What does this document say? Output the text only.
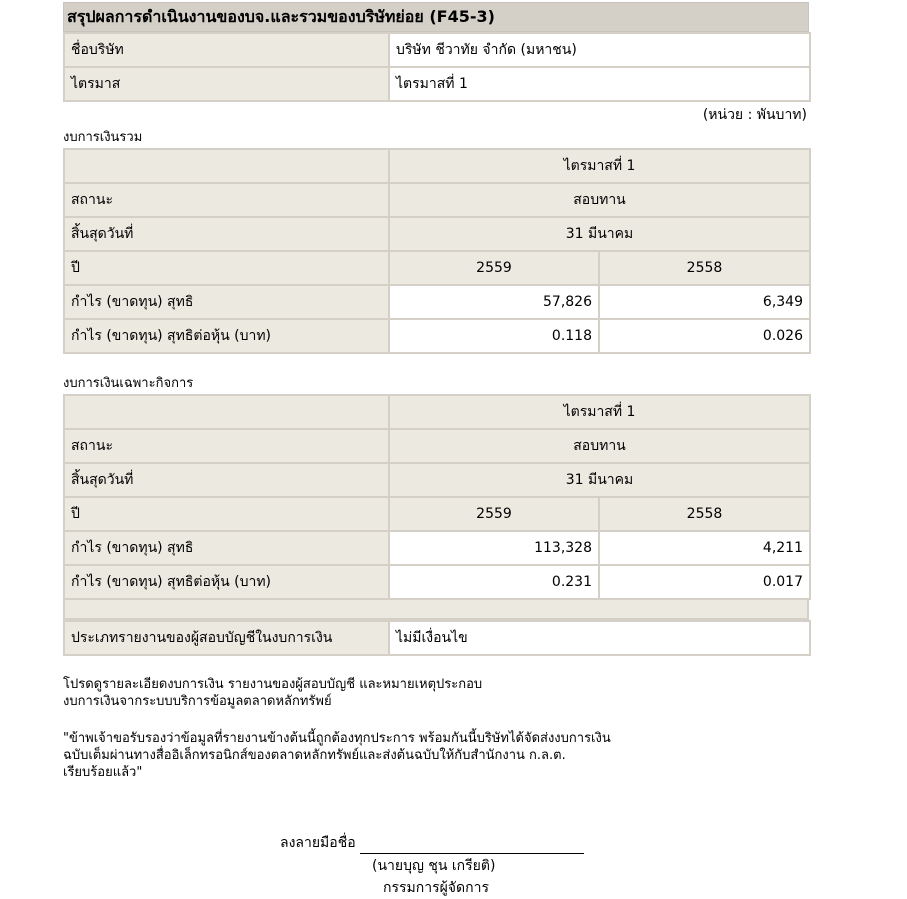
สรุปผลการดำเนินงานของบจ.และรวมของบริษัทย่อย (F45-3)
ชื่อบริษัท	บริษัท ชีวาทัย จำกัด (มหาชน)
ไตรมาส	ไตรมาสที่ 1
(หน่วย : พันบาท)
งบการเงินรวม
	ไตรมาสที่ 1	
สถานะ	สอบทาน	
สิ้นสุดวันที่	31 มีนาคม	
ปี	2559	2558
กำไร (ขาดทุน) สุทธิ	57,826	6,349
กำไร (ขาดทุน) สุทธิต่อหุ้น (บาท)	0.118	0.026
งบการเงินเฉพาะกิจการ
	ไตรมาสที่ 1	
สถานะ	สอบทาน	
สิ้นสุดวันที่	31 มีนาคม	
ปี	2559	2558
กำไร (ขาดทุน) สุทธิ	113,328	4,211
กำไร (ขาดทุน) สุทธิต่อหุ้น (บาท)	0.231	0.017
ประเภทรายงานของผู้สอบบัญชีในงบการเงิน	ไม่มีเงื่อนไข

โปรดดูรายละเอียดงบการเงิน รายงานของผู้สอบบัญชี และหมายเหตุประกอบ

งบการเงินจากระบบบริการข้อมูลตลาดหลักทรัพย์

"ข้าพเจ้าขอรับรองว่าข้อมูลที่รายงานข้างต้นนี้ถูกต้องทุกประการ พร้อมกันนี้บริษัทได้จัดส่งงบการเงิน

ฉบับเต็มผ่านทางสื่ออิเล็กทรอนิกส์ของตลาดหลักทรัพย์และส่งต้นฉบับให้กับสำนักงาน ก.ล.ต.

เรียบร้อยแล้ว"

ลงลายมือชื่อ
(นายบุญ ชุน เกรียติ)
กรรมการผู้จัดการ
